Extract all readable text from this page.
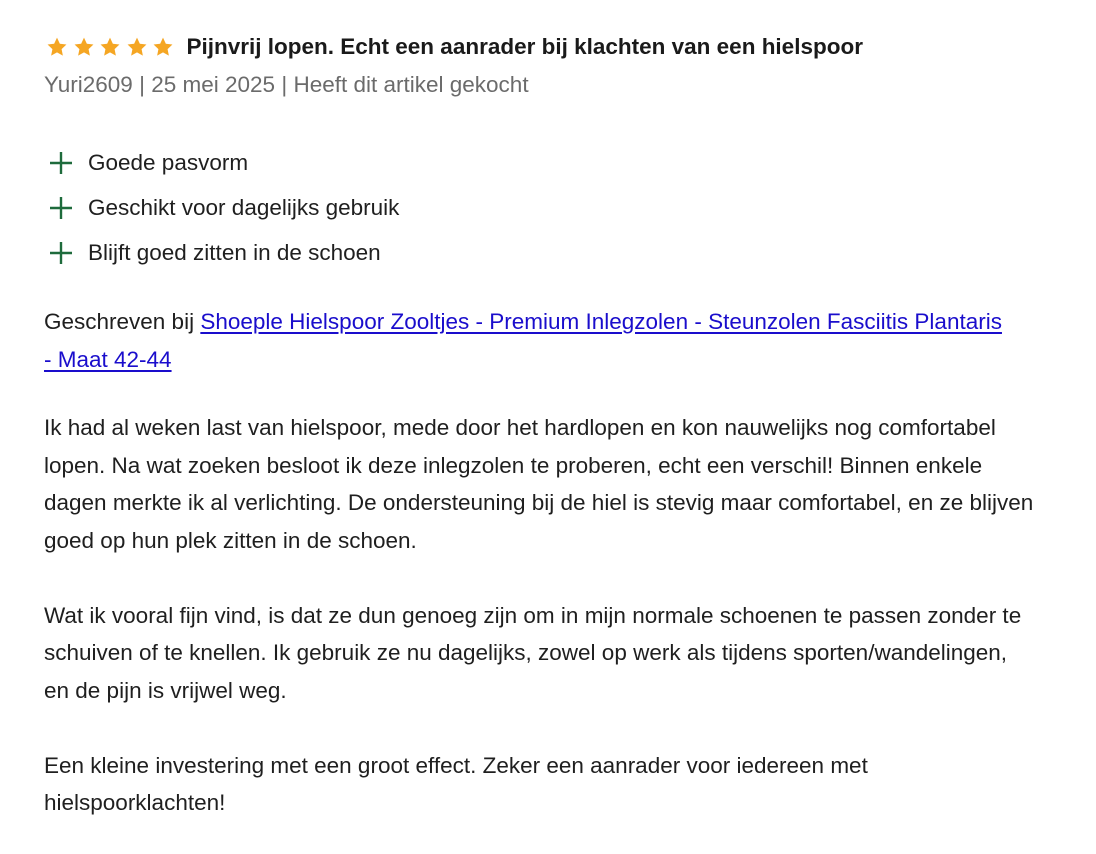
Pijnvrij lopen. Echt een aanrader bij klachten van een hielspoor
Yuri2609 | 25 mei 2025 | Heeft dit artikel gekocht
Goede pasvorm
Geschikt voor dagelijks gebruik
Blijft goed zitten in de schoen
Geschreven bij Shoeple Hielspoor Zooltjes - Premium Inlegzolen - Steunzolen Fasciitis Plantaris - Maat 42-44

Ik had al weken last van hielspoor, mede door het hardlopen en kon nauwelijks nog comfortabel lopen. Na wat zoeken besloot ik deze inlegzolen te proberen, echt een verschil! Binnen enkele dagen merkte ik al verlichting. De ondersteuning bij de hiel is stevig maar comfortabel, en ze blijven goed op hun plek zitten in de schoen.

Wat ik vooral fijn vind, is dat ze dun genoeg zijn om in mijn normale schoenen te passen zonder te schuiven of te knellen. Ik gebruik ze nu dagelijks, zowel op werk als tijdens sporten/wandelingen, en de pijn is vrijwel weg.

Een kleine investering met een groot effect. Zeker een aanrader voor iedereen met hielspoorklachten!
